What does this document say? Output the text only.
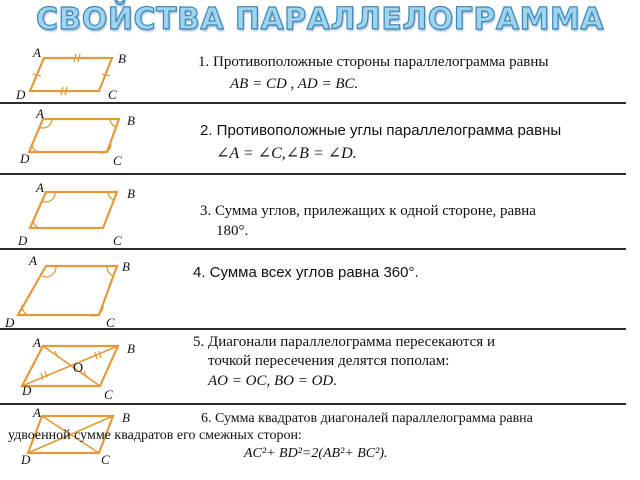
СВОЙСТВА ПАРАЛЛЕЛОГРАММА
A	B
D	C
A	B
D	C
A	B
D	C
A	B
D	C
A	B
O
D	C
A	B
D	C
1. Противоположные стороны параллелограмма равны
AB = CD , AD = BC.
2. Противоположные углы параллелограмма равны
∠A = ∠C,∠B = ∠D.
3. Сумма углов, прилежащих к одной стороне, равна
180°.
4. Сумма всех углов равна 360°.
5. Диагонали параллелограмма пересекаются и
точкой пересечения делятся пополам:
AO = OC, BO = OD.
6. Сумма квадратов диагоналей параллелограмма равна
удвоенной сумме квадратов его смежных сторон:
AC²+ BD²=2(AB²+ BC²).
